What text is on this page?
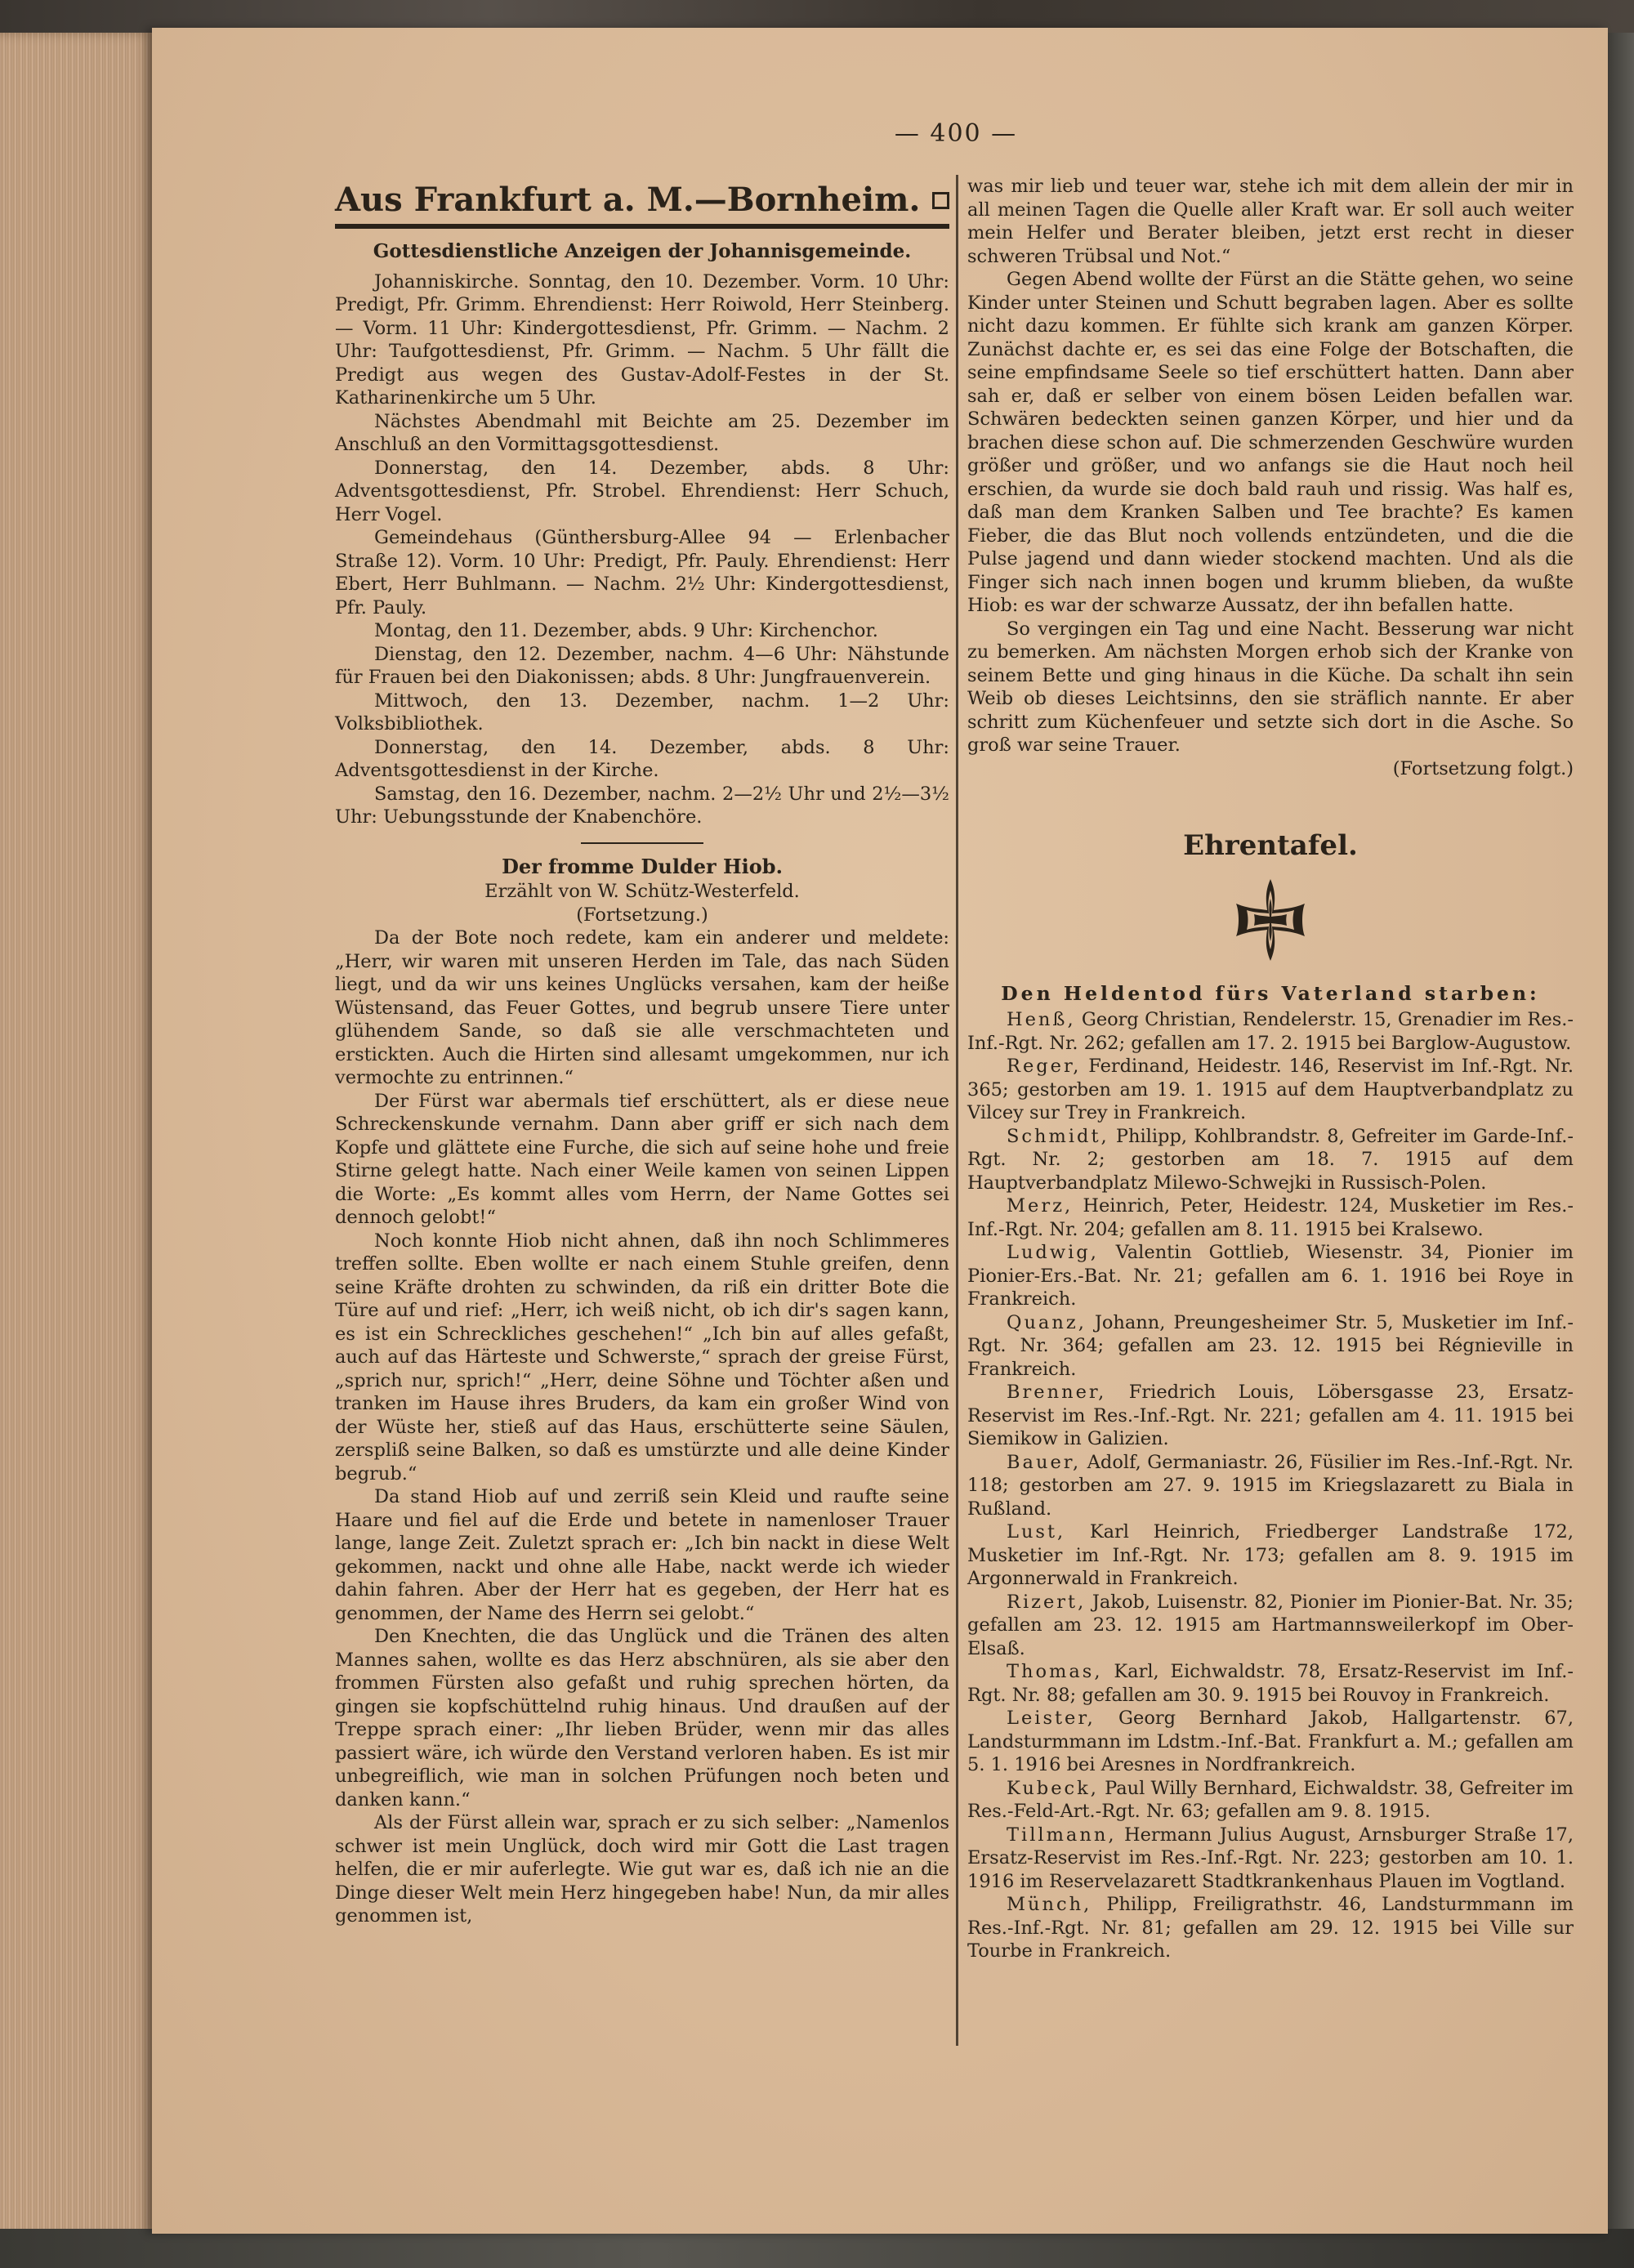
— 400 —
Aus Frankfurt a. M.—Bornheim.
Gottesdienstliche Anzeigen der Johannisgemeinde.

Johanniskirche. Sonntag, den 10. Dezember. Vorm. 10 Uhr: Predigt, Pfr. Grimm. Ehrendienst: Herr Roiwold, Herr Steinberg. — Vorm. 11 Uhr: Kindergottesdienst, Pfr. Grimm. — Nachm. 2 Uhr: Taufgottesdienst, Pfr. Grimm. — Nachm. 5 Uhr fällt die Predigt aus wegen des Gustav-Adolf-Festes in der St. Katharinenkirche um 5 Uhr.

Nächstes Abendmahl mit Beichte am 25. Dezember im Anschluß an den Vormittagsgottesdienst.

Donnerstag, den 14. Dezember, abds. 8 Uhr: Adventsgottesdienst, Pfr. Strobel. Ehrendienst: Herr Schuch, Herr Vogel.

Gemeindehaus (Günthersburg-Allee 94 — Erlenbacher Straße 12). Vorm. 10 Uhr: Predigt, Pfr. Pauly. Ehrendienst: Herr Ebert, Herr Buhlmann. — Nachm. 2½ Uhr: Kindergottesdienst, Pfr. Pauly.

Montag, den 11. Dezember, abds. 9 Uhr: Kirchenchor.

Dienstag, den 12. Dezember, nachm. 4—6 Uhr: Nähstunde für Frauen bei den Diakonissen; abds. 8 Uhr: Jungfrauenverein.

Mittwoch, den 13. Dezember, nachm. 1—2 Uhr: Volksbibliothek.

Donnerstag, den 14. Dezember, abds. 8 Uhr: Adventsgottesdienst in der Kirche.

Samstag, den 16. Dezember, nachm. 2—2½ Uhr und 2½—3½ Uhr: Uebungsstunde der Knabenchöre.

Der fromme Dulder Hiob.
Erzählt von W. Schütz-Westerfeld.
(Fortsetzung.)

Da der Bote noch redete, kam ein anderer und meldete: „Herr, wir waren mit unseren Herden im Tale, das nach Süden liegt, und da wir uns keines Unglücks versahen, kam der heiße Wüstensand, das Feuer Gottes, und begrub unsere Tiere unter glühendem Sande, so daß sie alle verschmachteten und erstickten. Auch die Hirten sind allesamt umgekommen, nur ich vermochte zu entrinnen.“

Der Fürst war abermals tief erschüttert, als er diese neue Schreckenskunde vernahm. Dann aber griff er sich nach dem Kopfe und glättete eine Furche, die sich auf seine hohe und freie Stirne gelegt hatte. Nach einer Weile kamen von seinen Lippen die Worte: „Es kommt alles vom Herrn, der Name Gottes sei dennoch gelobt!“

Noch konnte Hiob nicht ahnen, daß ihn noch Schlimmeres treffen sollte. Eben wollte er nach einem Stuhle greifen, denn seine Kräfte drohten zu schwinden, da riß ein dritter Bote die Türe auf und rief: „Herr, ich weiß nicht, ob ich dir's sagen kann, es ist ein Schreckliches geschehen!“ „Ich bin auf alles gefaßt, auch auf das Härteste und Schwerste,“ sprach der greise Fürst, „sprich nur, sprich!“ „Herr, deine Söhne und Töchter aßen und tranken im Hause ihres Bruders, da kam ein großer Wind von der Wüste her, stieß auf das Haus, erschütterte seine Säulen, zerspliß seine Balken, so daß es umstürzte und alle deine Kinder begrub.“

Da stand Hiob auf und zerriß sein Kleid und raufte seine Haare und fiel auf die Erde und betete in namenloser Trauer lange, lange Zeit. Zuletzt sprach er: „Ich bin nackt in diese Welt gekommen, nackt und ohne alle Habe, nackt werde ich wieder dahin fahren. Aber der Herr hat es gegeben, der Herr hat es genommen, der Name des Herrn sei gelobt.“

Den Knechten, die das Unglück und die Tränen des alten Mannes sahen, wollte es das Herz abschnüren, als sie aber den frommen Fürsten also gefaßt und ruhig sprechen hörten, da gingen sie kopfschüttelnd ruhig hinaus. Und draußen auf der Treppe sprach einer: „Ihr lieben Brüder, wenn mir das alles passiert wäre, ich würde den Verstand verloren haben. Es ist mir unbegreiflich, wie man in solchen Prüfungen noch beten und danken kann.“

Als der Fürst allein war, sprach er zu sich selber: „Namenlos schwer ist mein Unglück, doch wird mir Gott die Last tragen helfen, die er mir auferlegte. Wie gut war es, daß ich nie an die Dinge dieser Welt mein Herz hingegeben habe! Nun, da mir alles genommen ist,

was mir lieb und teuer war, stehe ich mit dem allein der mir in all meinen Tagen die Quelle aller Kraft war. Er soll auch weiter mein Helfer und Berater bleiben, jetzt erst recht in dieser schweren Trübsal und Not.“

Gegen Abend wollte der Fürst an die Stätte gehen, wo seine Kinder unter Steinen und Schutt begraben lagen. Aber es sollte nicht dazu kommen. Er fühlte sich krank am ganzen Körper. Zunächst dachte er, es sei das eine Folge der Botschaften, die seine empfindsame Seele so tief erschüttert hatten. Dann aber sah er, daß er selber von einem bösen Leiden befallen war. Schwären bedeckten seinen ganzen Körper, und hier und da brachen diese schon auf. Die schmerzenden Geschwüre wurden größer und größer, und wo anfangs sie die Haut noch heil erschien, da wurde sie doch bald rauh und rissig. Was half es, daß man dem Kranken Salben und Tee brachte? Es kamen Fieber, die das Blut noch vollends entzündeten, und die die Pulse jagend und dann wieder stockend machten. Und als die Finger sich nach innen bogen und krumm blieben, da wußte Hiob: es war der schwarze Aussatz, der ihn befallen hatte.

So vergingen ein Tag und eine Nacht. Besserung war nicht zu bemerken. Am nächsten Morgen erhob sich der Kranke von seinem Bette und ging hinaus in die Küche. Da schalt ihn sein Weib ob dieses Leichtsinns, den sie sträflich nannte. Er aber schritt zum Küchenfeuer und setzte sich dort in die Asche. So groß war seine Trauer.

(Fortsetzung folgt.)

Ehrentafel.

Den Heldentod fürs Vaterland starben:

Henß, Georg Christian, Rendelerstr. 15, Grenadier im Res.-Inf.-Rgt. Nr. 262; gefallen am 17. 2. 1915 bei Barglow-Augustow.

Reger, Ferdinand, Heidestr. 146, Reservist im Inf.-Rgt. Nr. 365; gestorben am 19. 1. 1915 auf dem Hauptverbandplatz zu Vilcey sur Trey in Frankreich.

Schmidt, Philipp, Kohlbrandstr. 8, Gefreiter im Garde-Inf.-Rgt. Nr. 2; gestorben am 18. 7. 1915 auf dem Hauptverbandplatz Milewo-Schwejki in Russisch-Polen.

Merz, Heinrich, Peter, Heidestr. 124, Musketier im Res.-Inf.-Rgt. Nr. 204; gefallen am 8. 11. 1915 bei Kralsewo.

Ludwig, Valentin Gottlieb, Wiesenstr. 34, Pionier im Pionier-Ers.-Bat. Nr. 21; gefallen am 6. 1. 1916 bei Roye in Frankreich.

Quanz, Johann, Preungesheimer Str. 5, Musketier im Inf.-Rgt. Nr. 364; gefallen am 23. 12. 1915 bei Régnieville in Frankreich.

Brenner, Friedrich Louis, Löbersgasse 23, Ersatz-Reservist im Res.-Inf.-Rgt. Nr. 221; gefallen am 4. 11. 1915 bei Siemikow in Galizien.

Bauer, Adolf, Germaniastr. 26, Füsilier im Res.-Inf.-Rgt. Nr. 118; gestorben am 27. 9. 1915 im Kriegslazarett zu Biala in Rußland.

Lust, Karl Heinrich, Friedberger Landstraße 172, Musketier im Inf.-Rgt. Nr. 173; gefallen am 8. 9. 1915 im Argonnerwald in Frankreich.

Rizert, Jakob, Luisenstr. 82, Pionier im Pionier-Bat. Nr. 35; gefallen am 23. 12. 1915 am Hartmannsweilerkopf im Ober-Elsaß.

Thomas, Karl, Eichwaldstr. 78, Ersatz-Reservist im Inf.-Rgt. Nr. 88; gefallen am 30. 9. 1915 bei Rouvoy in Frankreich.

Leister, Georg Bernhard Jakob, Hallgartenstr. 67, Landsturmmann im Ldstm.-Inf.-Bat. Frankfurt a. M.; gefallen am 5. 1. 1916 bei Aresnes in Nordfrankreich.

Kubeck, Paul Willy Bernhard, Eichwaldstr. 38, Gefreiter im Res.-Feld-Art.-Rgt. Nr. 63; gefallen am 9. 8. 1915.

Tillmann, Hermann Julius August, Arnsburger Straße 17, Ersatz-Reservist im Res.-Inf.-Rgt. Nr. 223; gestorben am 10. 1. 1916 im Reservelazarett Stadtkrankenhaus Plauen im Vogtland.

Münch, Philipp, Freiligrathstr. 46, Landsturmmann im Res.-Inf.-Rgt. Nr. 81; gefallen am 29. 12. 1915 bei Ville sur Tourbe in Frankreich.
